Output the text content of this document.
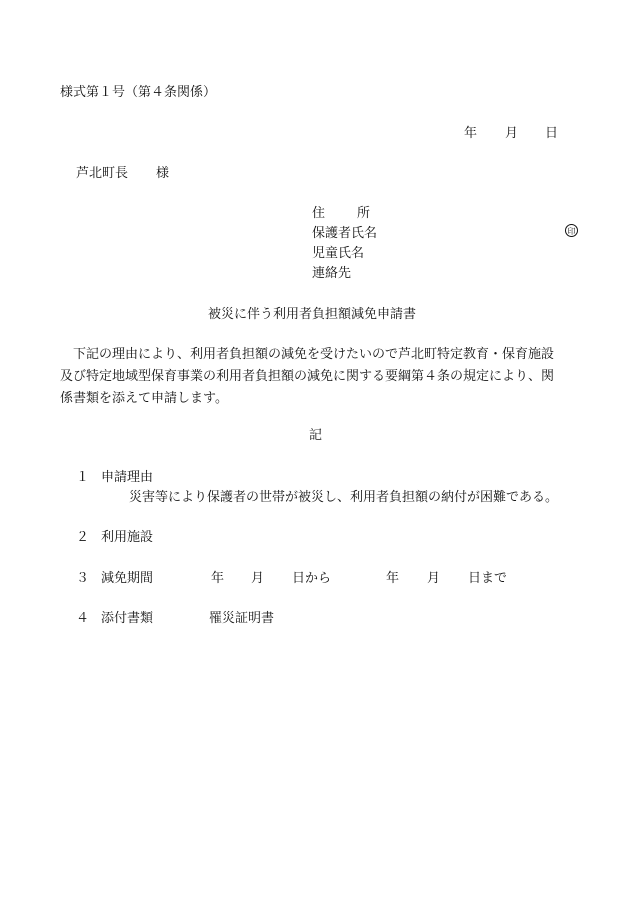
様式第１号（第４条関係）
年 月 日
芦北町長 様
住　　所
保護者氏名	印
児童氏名
連絡先
被災に伴う利用者負担額減免申請書
下記の理由により、利用者負担額の減免を受けたいので芦北町特定教育・保育施設及び特定地域型保育事業の利用者負担額の減免に関する要綱第４条の規定により、関係書類を添えて申請します。
記
１ 申請理由
災害等により保護者の世帯が被災し、利用者負担額の納付が困難である。
２ 利用施設
３ 減免期間	年 月 日から	年 月 日まで
４ 添付書類	罹災証明書
